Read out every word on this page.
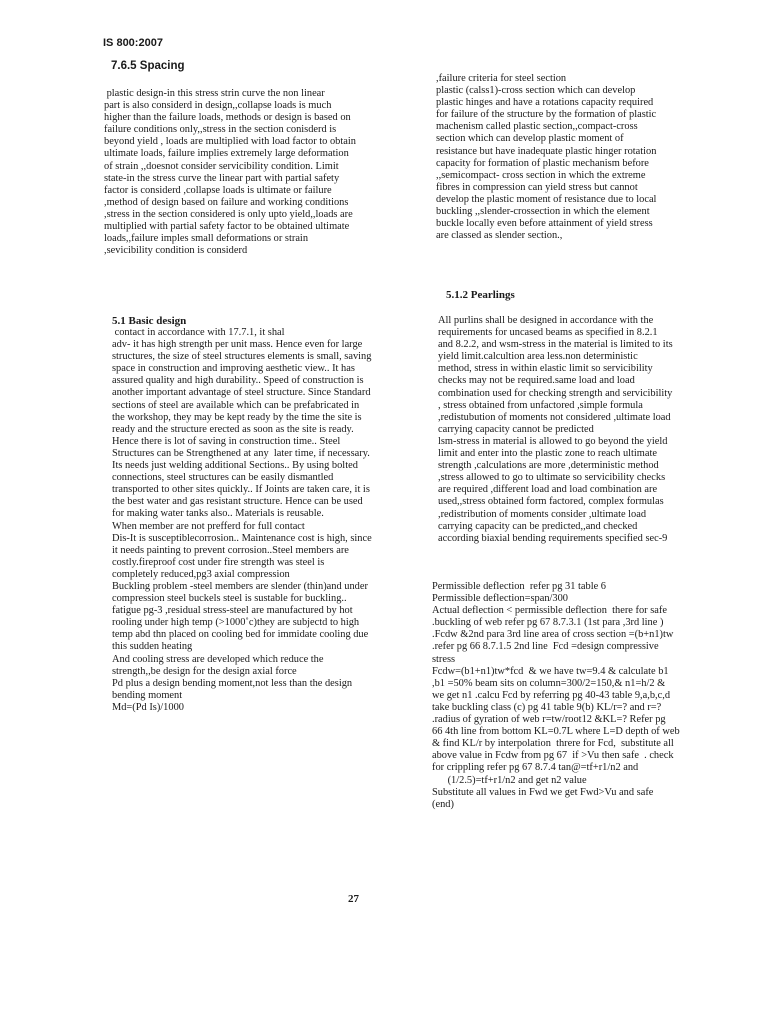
IS 800:2007
7.6.5 Spacing
plastic design-in this stress strin curve the non linear
part is also considerd in design,,collapse loads is much
higher than the failure loads, methods or design is based on
failure conditions only,,stress in the section conisderd is
beyond yield , loads are multiplied with load factor to obtain
ultimate loads, failure implies extremely large deformation
of strain ,,doesnot consider servicibility condition. Limit
state-in the stress curve the linear part with partial safety
factor is considerd ,collapse loads is ultimate or failure
,method of design based on failure and working conditions
,stress in the section considered is only upto yield,,loads are
multiplied with partial safety factor to be obtained ultimate
loads,,failure imples small deformations or strain
,sevicibility condition is considerd
,failure criteria for steel section
plastic (calss1)-cross section which can develop
plastic hinges and have a rotations capacity required
for failure of the structure by the formation of plastic
machenism called plastic section,,compact-cross
section which can develop plastic moment of
resistance but have inadequate plastic hinger rotation
capacity for formation of plastic mechanism before
,,semicompact- cross section in which the extreme
fibres in compression can yield stress but cannot
develop the plastic moment of resistance due to local
buckling ,,slender-crossection in which the element
buckle locally even before attainment of yield stress
are classed as slender section.,
5.1 Basic design
contact in accordance with 17.7.1, it shal
adv- it has high strength per unit mass. Hence even for large
structures, the size of steel structures elements is small, saving
space in construction and improving aesthetic view.. It has
assured quality and high durability.. Speed of construction is
another important advantage of steel structure. Since Standard
sections of steel are available which can be prefabricated in
the workshop, they may be kept ready by the time the site is
ready and the structure erected as soon as the site is ready.
Hence there is lot of saving in construction time.. Steel
Structures can be Strengthened at any  later time, if necessary.
Its needs just welding additional Sections.. By using bolted
connections, steel structures can be easily dismantled
transported to other sites quickly.. If Joints are taken care, it is
the best water and gas resistant structure. Hence can be used
for making water tanks also.. Materials is reusable.
When member are not prefferd for full contact
Dis-It is susceptiblecorrosion.. Maintenance cost is high, since
it needs painting to prevent corrosion..Steel members are
costly.fireproof cost under fire strength was steel is
completely reduced,pg3 axial compression
Buckling problem -steel members are slender (thin)and under
compression steel buckels steel is sustable for buckling..
fatigue pg-3 ,residual stress-steel are manufactured by hot
rooling under high temp (>1000˚c)they are subjectd to high
temp abd thn placed on cooling bed for immidate cooling due
this sudden heating
And cooling stress are developed which reduce the
strength,,be design for the design axial force
Pd plus a design bending moment,not less than the design
bending moment
Md=(Pd Is)/1000
5.1.2 Pearlings
All purlins shall be designed in accordance with the
requirements for uncased beams as specified in 8.2.1
and 8.2.2, and wsm-stress in the material is limited to its
yield limit.calcultion area less.non deterministic
method, stress in within elastic limit so servicibility
checks may not be required.same load and load
combination used for checking strength and servicibility
, stress obtained from unfactored ,simple formula
,redistubution of moments not considered ,ultimate load
carrying capacity cannot be predicted
lsm-stress in material is allowed to go beyond the yield
limit and enter into the plastic zone to reach ultimate
strength ,calculations are more ,deterministic method
,stress allowed to go to ultimate so servicibility checks
are required ,different load and load combination are
used,,stress obtained form factored, complex formulas
,redistribution of moments consider ,ultimate load
carrying capacity can be predicted,,and checked
according biaxial bending requirements specified sec-9
Permissible deflection  refer pg 31 table 6
Permissible deflection=span/300
Actual deflection < permissible deflection  there for safe
.buckling of web refer pg 67 8.7.3.1 (1st para ,3rd line )
.Fcdw &2nd para 3rd line area of cross section =(b+n1)tw
.refer pg 66 8.7.1.5 2nd line  Fcd =design compressive
stress
Fcdw=(b1+n1)tw*fcd  & we have tw=9.4 & calculate b1
,b1 =50% beam sits on column=300/2=150,& n1=h/2 &
we get n1 .calcu Fcd by referring pg 40-43 table 9,a,b,c,d
take buckling class (c) pg 41 table 9(b) KL/r=? and r=?
.radius of gyration of web r=tw/root12 &KL=? Refer pg
66 4th line from bottom KL=0.7L where L=D depth of web
& find KL/r by interpolation  threre for Fcd,  substitute all
above value in Fcdw from pg 67  if >Vu then safe  . check
for crippling refer pg 67 8.7.4 tan@=tf+r1/n2 and
(1/2.5)=tf+r1/n2 and get n2 value
Substitute all values in Fwd we get Fwd>Vu and safe
(end)
27
